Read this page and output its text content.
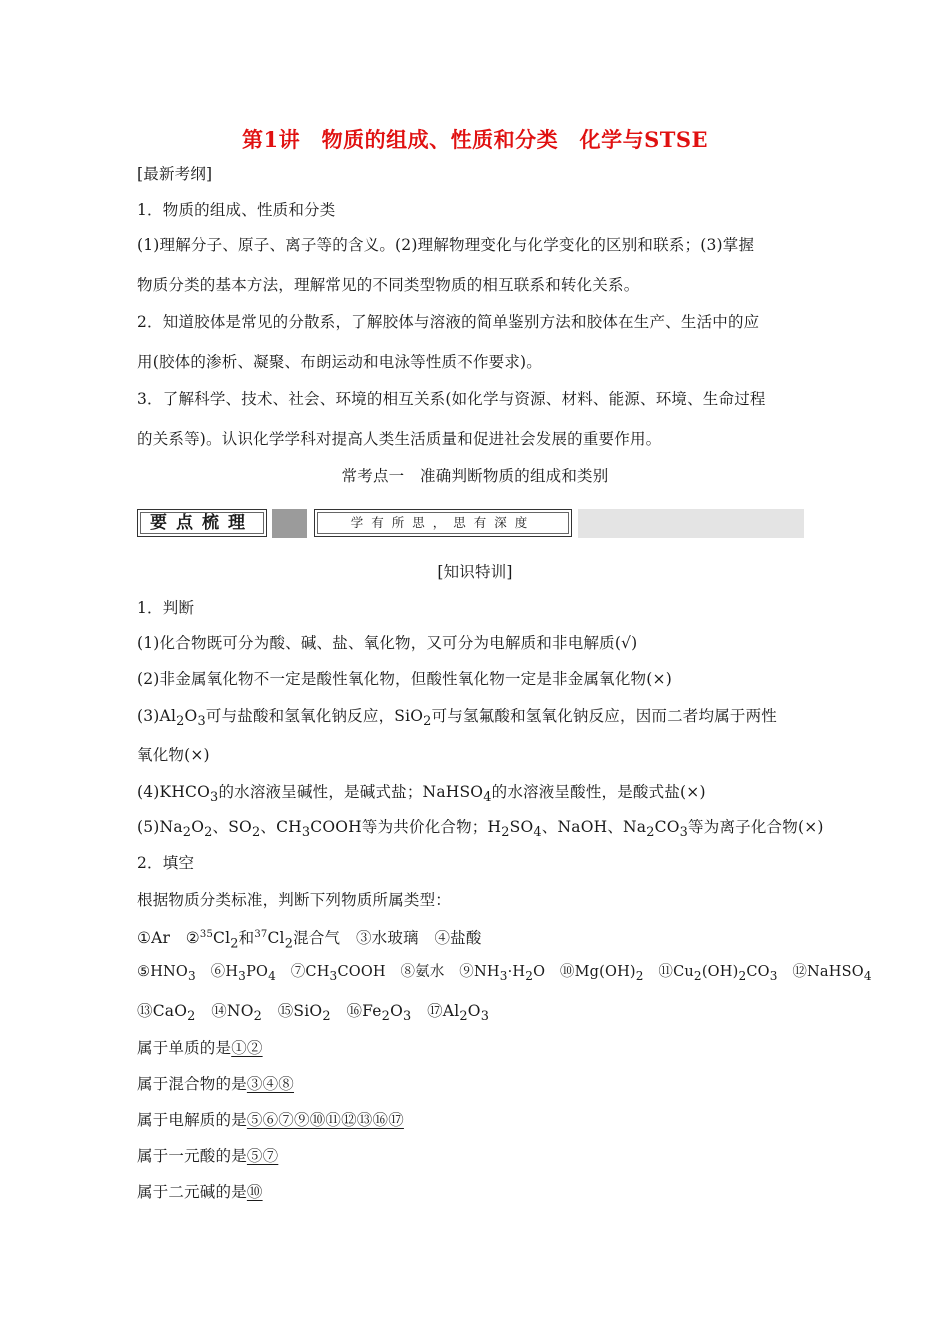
第1讲　物质的组成、性质和分类　化学与STSE
[最新考纲]
1．物质的组成、性质和分类
(1)理解分子、原子、离子等的含义。(2)理解物理变化与化学变化的区别和联系；(3)掌握
物质分类的基本方法，理解常见的不同类型物质的相互联系和转化关系。
2．知道胶体是常见的分散系，了解胶体与溶液的简单鉴别方法和胶体在生产、生活中的应
用(胶体的渗析、凝聚、布朗运动和电泳等性质不作要求)。
3．了解科学、技术、社会、环境的相互关系(如化学与资源、材料、能源、环境、生命过程
的关系等)。认识化学学科对提高人类生活质量和促进社会发展的重要作用。
常考点一　准确判断物质的组成和类别
要点梳理	学有所思，思有深度
[知识特训]
1．判断
(1)化合物既可分为酸、碱、盐、氧化物，又可分为电解质和非电解质(√)
(2)非金属氧化物不一定是酸性氧化物，但酸性氧化物一定是非金属氧化物(×)
$(3)Al_2O_3$可与盐酸和氢氧化钠反应，SiO$_2$可与氢氟酸和氢氧化钠反应，因而二者均属于两性
氧化物(×)
$(4)KHCO_3$的水溶液呈碱性，是碱式盐；NaHSO$_4$的水溶液呈酸性，是酸式盐(×)
$(5)Na_2O_2$、$SO_2$、$CH_3COOH$等为共价化合物；$H_2SO_4$、NaOH、$Na_2CO_3$等为离子化合物(×)
2．填空
根据物质分类标准，判断下列物质所属类型：
①Ar　$②^{35}Cl_2$和$^{37}Cl_2$混合气　③水玻璃　④盐酸
$⑤HNO_3$　$⑥H_3PO_4$　$⑦CH_3COOH$　⑧氨水　$⑨NH_3\cdot H_2O$　$⑩Mg(OH)_2$　$⑪Cu_2(OH)_2CO_3$　⑫NaHSO$_4$
⑬CaO$_2$　$⑭NO_2$　⑮SiO$_2$　$⑯Fe_2O_3$　$⑰Al_2O_3$
属于单质的是①②
属于混合物的是③④⑧
属于电解质的是⑤⑥⑦⑨⑩⑪⑫⑬⑯⑰
属于一元酸的是⑤⑦
属于二元碱的是⑩
